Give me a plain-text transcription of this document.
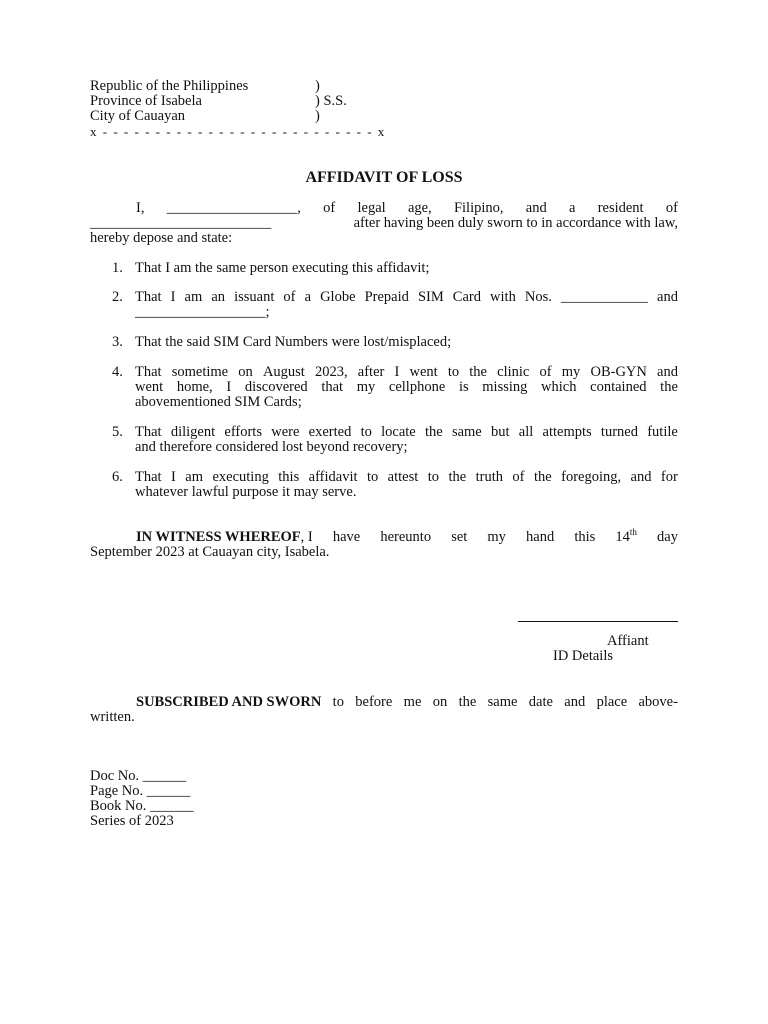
Republic of the Philippines	)
Province of Isabela	) S.S.
City of Cauayan	)
x - - - - - - - - - - - - - - - - - - - - - - - - - - x
AFFIDAVIT OF LOSS
I, __________________, of legal age, Filipino, and a resident of
_________________________	after having been duly sworn to in accordance with law,
hereby depose and state:
1. That I am the same person executing this affidavit;
2. That I am an issuant of a Globe Prepaid SIM Card with Nos. ____________ and
__________________;
3. That the said SIM Card Numbers were lost/misplaced;
4. That sometime on August 2023, after I went to the clinic of my OB-GYN and
went home, I discovered that my cellphone is missing which contained the
abovementioned SIM Cards;
5. That diligent efforts were exerted to locate the same but all attempts turned futile
and therefore considered lost beyond recovery;
6. That I am executing this affidavit to attest to the truth of the foregoing, and for
whatever lawful purpose it may serve.
IN WITNESS WHEREOF, I have hereunto set my hand this 14th day
September 2023 at Cauayan city, Isabela.
Affiant
ID Details
SUBSCRIBED AND SWORN to before me on the same date and place above-
written.
Doc No. ______
Page No. ______
Book No. ______
Series of 2023
